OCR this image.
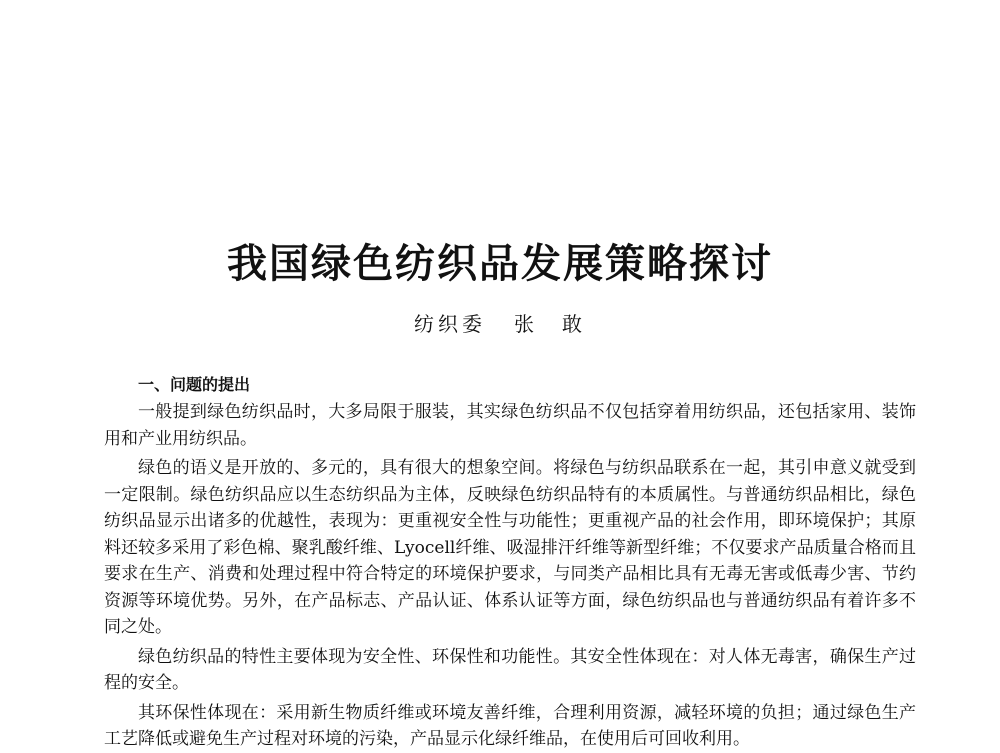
我国绿色纺织品发展策略探讨
纺织委 张　敢
一、问题的提出

一般提到绿色纺织品时，大多局限于服装，其实绿色纺织品不仅包括穿着用纺织品，还包括家用、装饰用和产业用纺织品。

绿色的语义是开放的、多元的，具有很大的想象空间。将绿色与纺织品联系在一起，其引申意义就受到一定限制。绿色纺织品应以生态纺织品为主体，反映绿色纺织品特有的本质属性。与普通纺织品相比，绿色纺织品显示出诸多的优越性，表现为：更重视安全性与功能性；更重视产品的社会作用，即环境保护；其原料还较多采用了彩色棉、聚乳酸纤维、Lyocell纤维、吸湿排汗纤维等新型纤维；不仅要求产品质量合格而且要求在生产、消费和处理过程中符合特定的环境保护要求，与同类产品相比具有无毒无害或低毒少害、节约资源等环境优势。另外，在产品标志、产品认证、体系认证等方面，绿色纺织品也与普通纺织品有着许多不同之处。

绿色纺织品的特性主要体现为安全性、环保性和功能性。其安全性体现在：对人体无毒害，确保生产过程的安全。

其环保性体现在：采用新生物质纤维或环境友善纤维，合理利用资源，减轻环境的负担；通过绿色生产工艺降低或避免生产过程对环境的污染，产品显示化绿纤维品，在使用后可回收利用。
